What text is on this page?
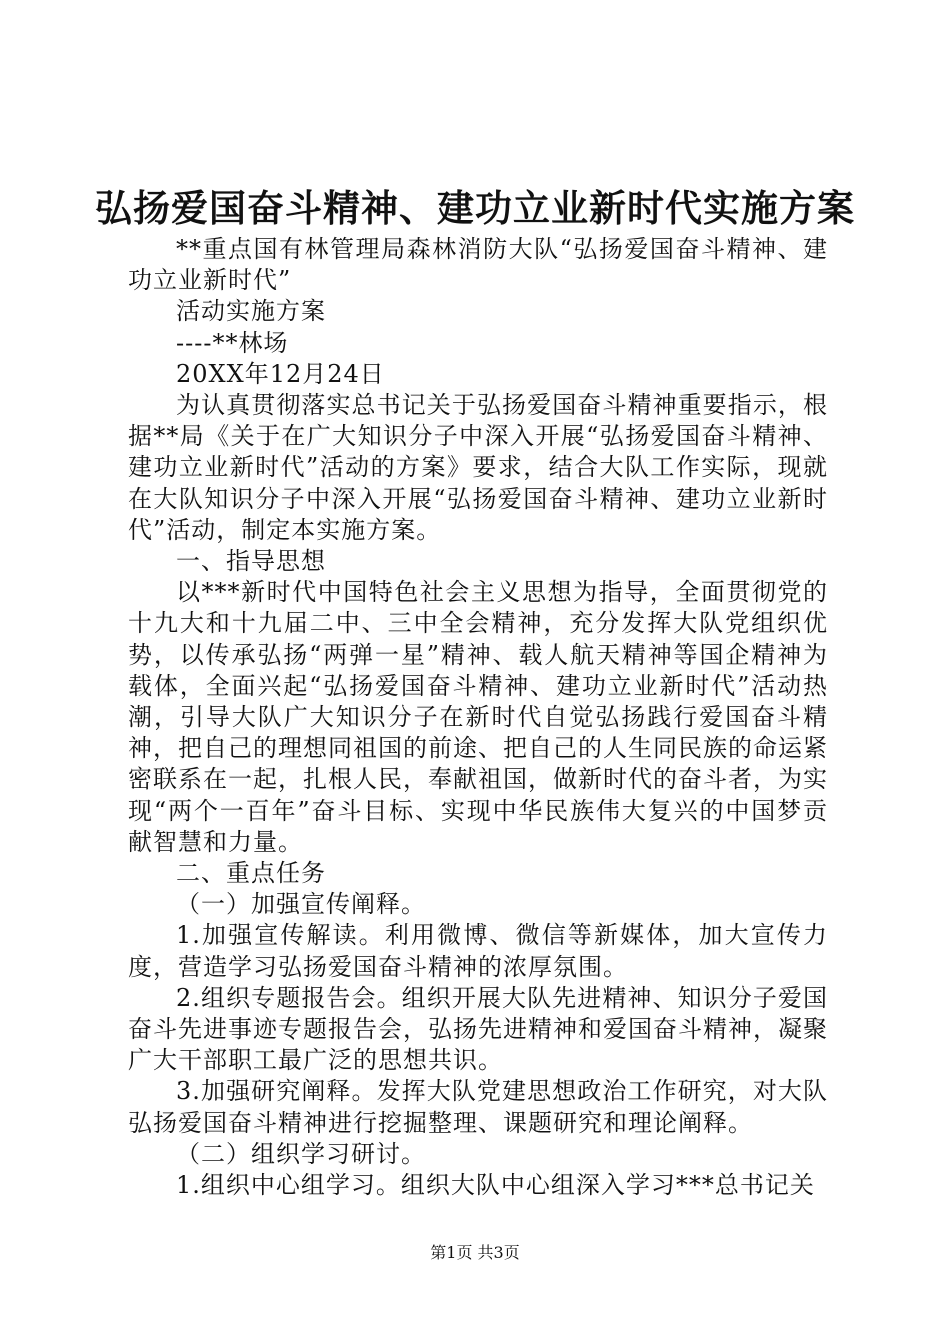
弘扬爱国奋斗精神、建功立业新时代实施方案

**重点国有林管理局森林消防大队“弘扬爱国奋斗精神、建功立业新时代”

活动实施方案

----**林场

20XX年12月24日

为认真贯彻落实总书记关于弘扬爱国奋斗精神重要指示，根据**局《关于在广大知识分子中深入开展“弘扬爱国奋斗精神、建功立业新时代”活动的方案》要求，结合大队工作实际，现就在大队知识分子中深入开展“弘扬爱国奋斗精神、建功立业新时代”活动，制定本实施方案。

一、指导思想

以***新时代中国特色社会主义思想为指导，全面贯彻党的十九大和十九届二中、三中全会精神，充分发挥大队党组织优势，以传承弘扬“两弹一星”精神、载人航天精神等国企精神为载体，全面兴起“弘扬爱国奋斗精神、建功立业新时代”活动热潮，引导大队广大知识分子在新时代自觉弘扬践行爱国奋斗精神，把自己的理想同祖国的前途、把自己的人生同民族的命运紧密联系在一起，扎根人民，奉献祖国，做新时代的奋斗者，为实现“两个一百年”奋斗目标、实现中华民族伟大复兴的中国梦贡献智慧和力量。

二、重点任务

（一）加强宣传阐释。

1.加强宣传解读。利用微博、微信等新媒体，加大宣传力度，营造学习弘扬爱国奋斗精神的浓厚氛围。

2.组织专题报告会。组织开展大队先进精神、知识分子爱国奋斗先进事迹专题报告会，弘扬先进精神和爱国奋斗精神，凝聚广大干部职工最广泛的思想共识。

3.加强研究阐释。发挥大队党建思想政治工作研究，对大队弘扬爱国奋斗精神进行挖掘整理、课题研究和理论阐释。

（二）组织学习研讨。

1.组织中心组学习。组织大队中心组深入学习***总书记关

第1页 共3页
